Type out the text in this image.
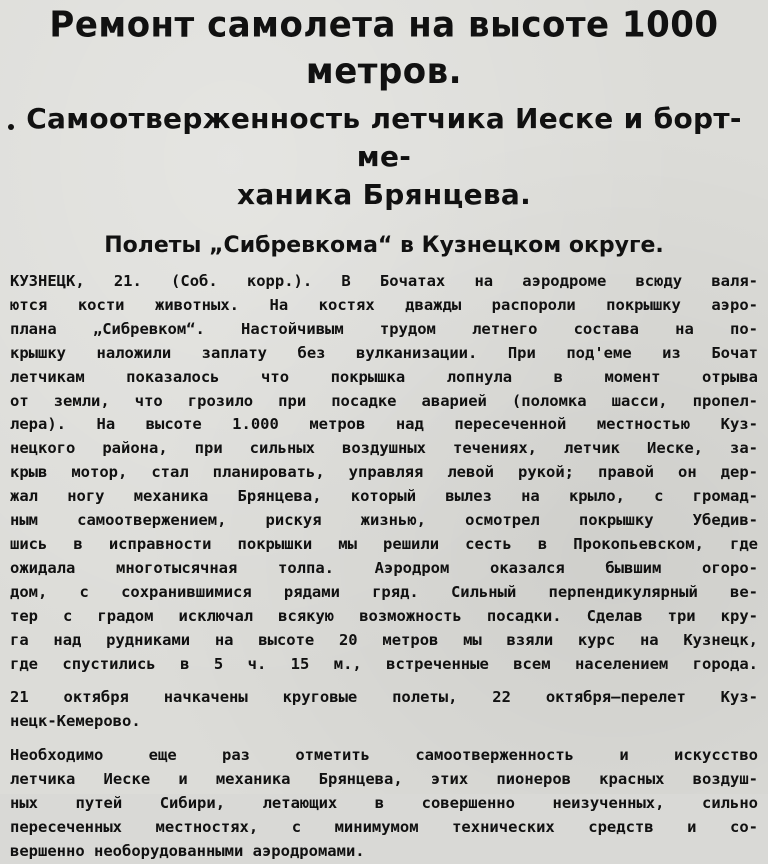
Ремонт самолета на высоте 1000 метров.
Самоотверженность летчика Иеске и борт-ме-
ханика Брянцева.
Полеты „Сибревкома“ в Кузнецком округе.
КУЗНЕЦК, 21. (Соб. корр.). В Бочатах на аэродроме всюду валя-
ются кости животных. На костях дважды распороли покрышку аэро-
плана „Сибревком“. Настойчивым трудом летнего состава на по-
крышку наложили заплату без вулканизации. При под'еме из Бочат
летчикам показалось что покрышка лопнула в момент отрыва
от земли, что грозило при посадке аварией (поломка шасси, пропел-
лера). На высоте 1.000 метров над пересеченной местностью Куз-
нецкого района, при сильных воздушных течениях, летчик Иеске, за-
крыв мотор, стал планировать, управляя левой рукой; правой он дер-
жал ногу механика Брянцева, который вылез на крыло, с громад-
ным самоотвержением, рискуя жизнью, осмотрел покрышку Убедив-
шись в исправности покрышки мы решили сесть в Прокопьевском, где
ожидала многотысячная толпа. Аэродром оказался бывшим огоро-
дом, с сохранившимися рядами гряд. Сильный перпендикулярный ве-
тер с градом исключал всякую возможность посадки. Сделав три кру-
га над рудниками на высоте 20 метров мы взяли курс на Кузнецк,
где спустились в 5 ч. 15 м., встреченные всем населением города.
21 октября начкачены круговые полеты, 22 октября—перелет Куз-
нецк-Кемерово.
Необходимо еще раз отметить самоотверженность и искусство
летчика Иеске и механика Брянцева, этих пионеров красных воздуш-
ных путей Сибири, летающих в совершенно неизученных, сильно
пересеченных местностях, с минимумом технических средств и со-
вершенно необорудованными аэродромами.
